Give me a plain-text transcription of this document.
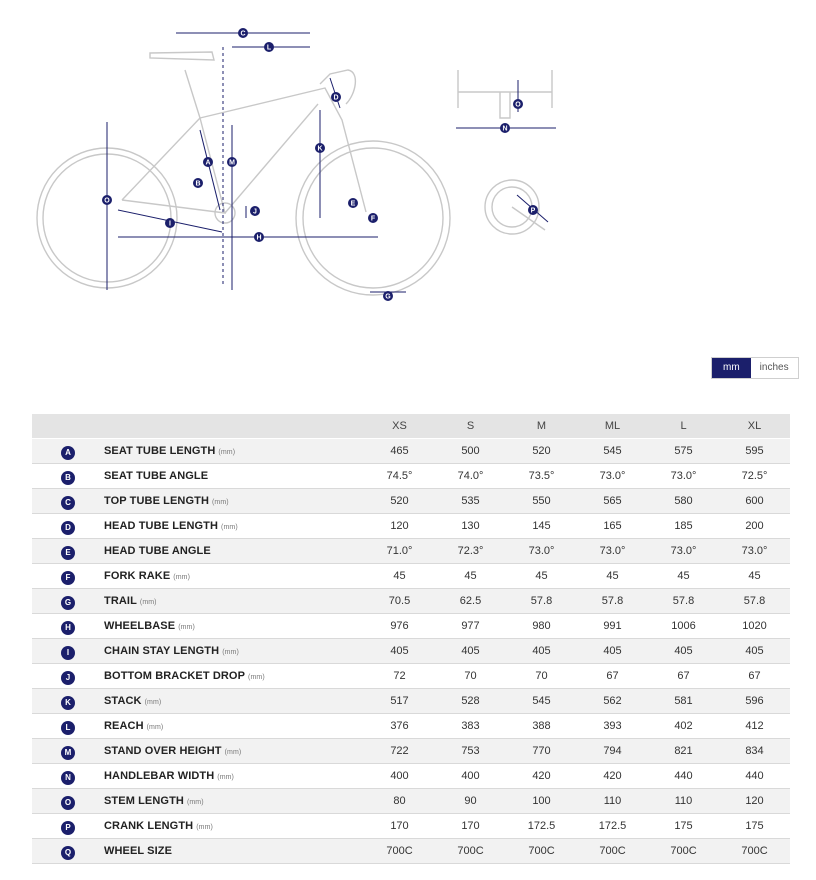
C
L
D
A	M
K
B
O	E
F
J
I
H
G
N
O
P
mm	inches
		XS	S	M	ML	L	XL
A	SEAT TUBE LENGTH (mm)	465	500	520	545	575	595
B	SEAT TUBE ANGLE	74.5°	74.0°	73.5°	73.0°	73.0°	72.5°
C	TOP TUBE LENGTH (mm)	520	535	550	565	580	600
D	HEAD TUBE LENGTH (mm)	120	130	145	165	185	200
E	HEAD TUBE ANGLE	71.0°	72.3°	73.0°	73.0°	73.0°	73.0°
F	FORK RAKE (mm)	45	45	45	45	45	45
G	TRAIL (mm)	70.5	62.5	57.8	57.8	57.8	57.8
H	WHEELBASE (mm)	976	977	980	991	1006	1020
I	CHAIN STAY LENGTH (mm)	405	405	405	405	405	405
J	BOTTOM BRACKET DROP (mm)	72	70	70	67	67	67
K	STACK (mm)	517	528	545	562	581	596
L	REACH (mm)	376	383	388	393	402	412
M	STAND OVER HEIGHT (mm)	722	753	770	794	821	834
N	HANDLEBAR WIDTH (mm)	400	400	420	420	440	440
O	STEM LENGTH (mm)	80	90	100	110	110	120
P	CRANK LENGTH (mm)	170	170	172.5	172.5	175	175
Q	WHEEL SIZE	700C	700C	700C	700C	700C	700C
